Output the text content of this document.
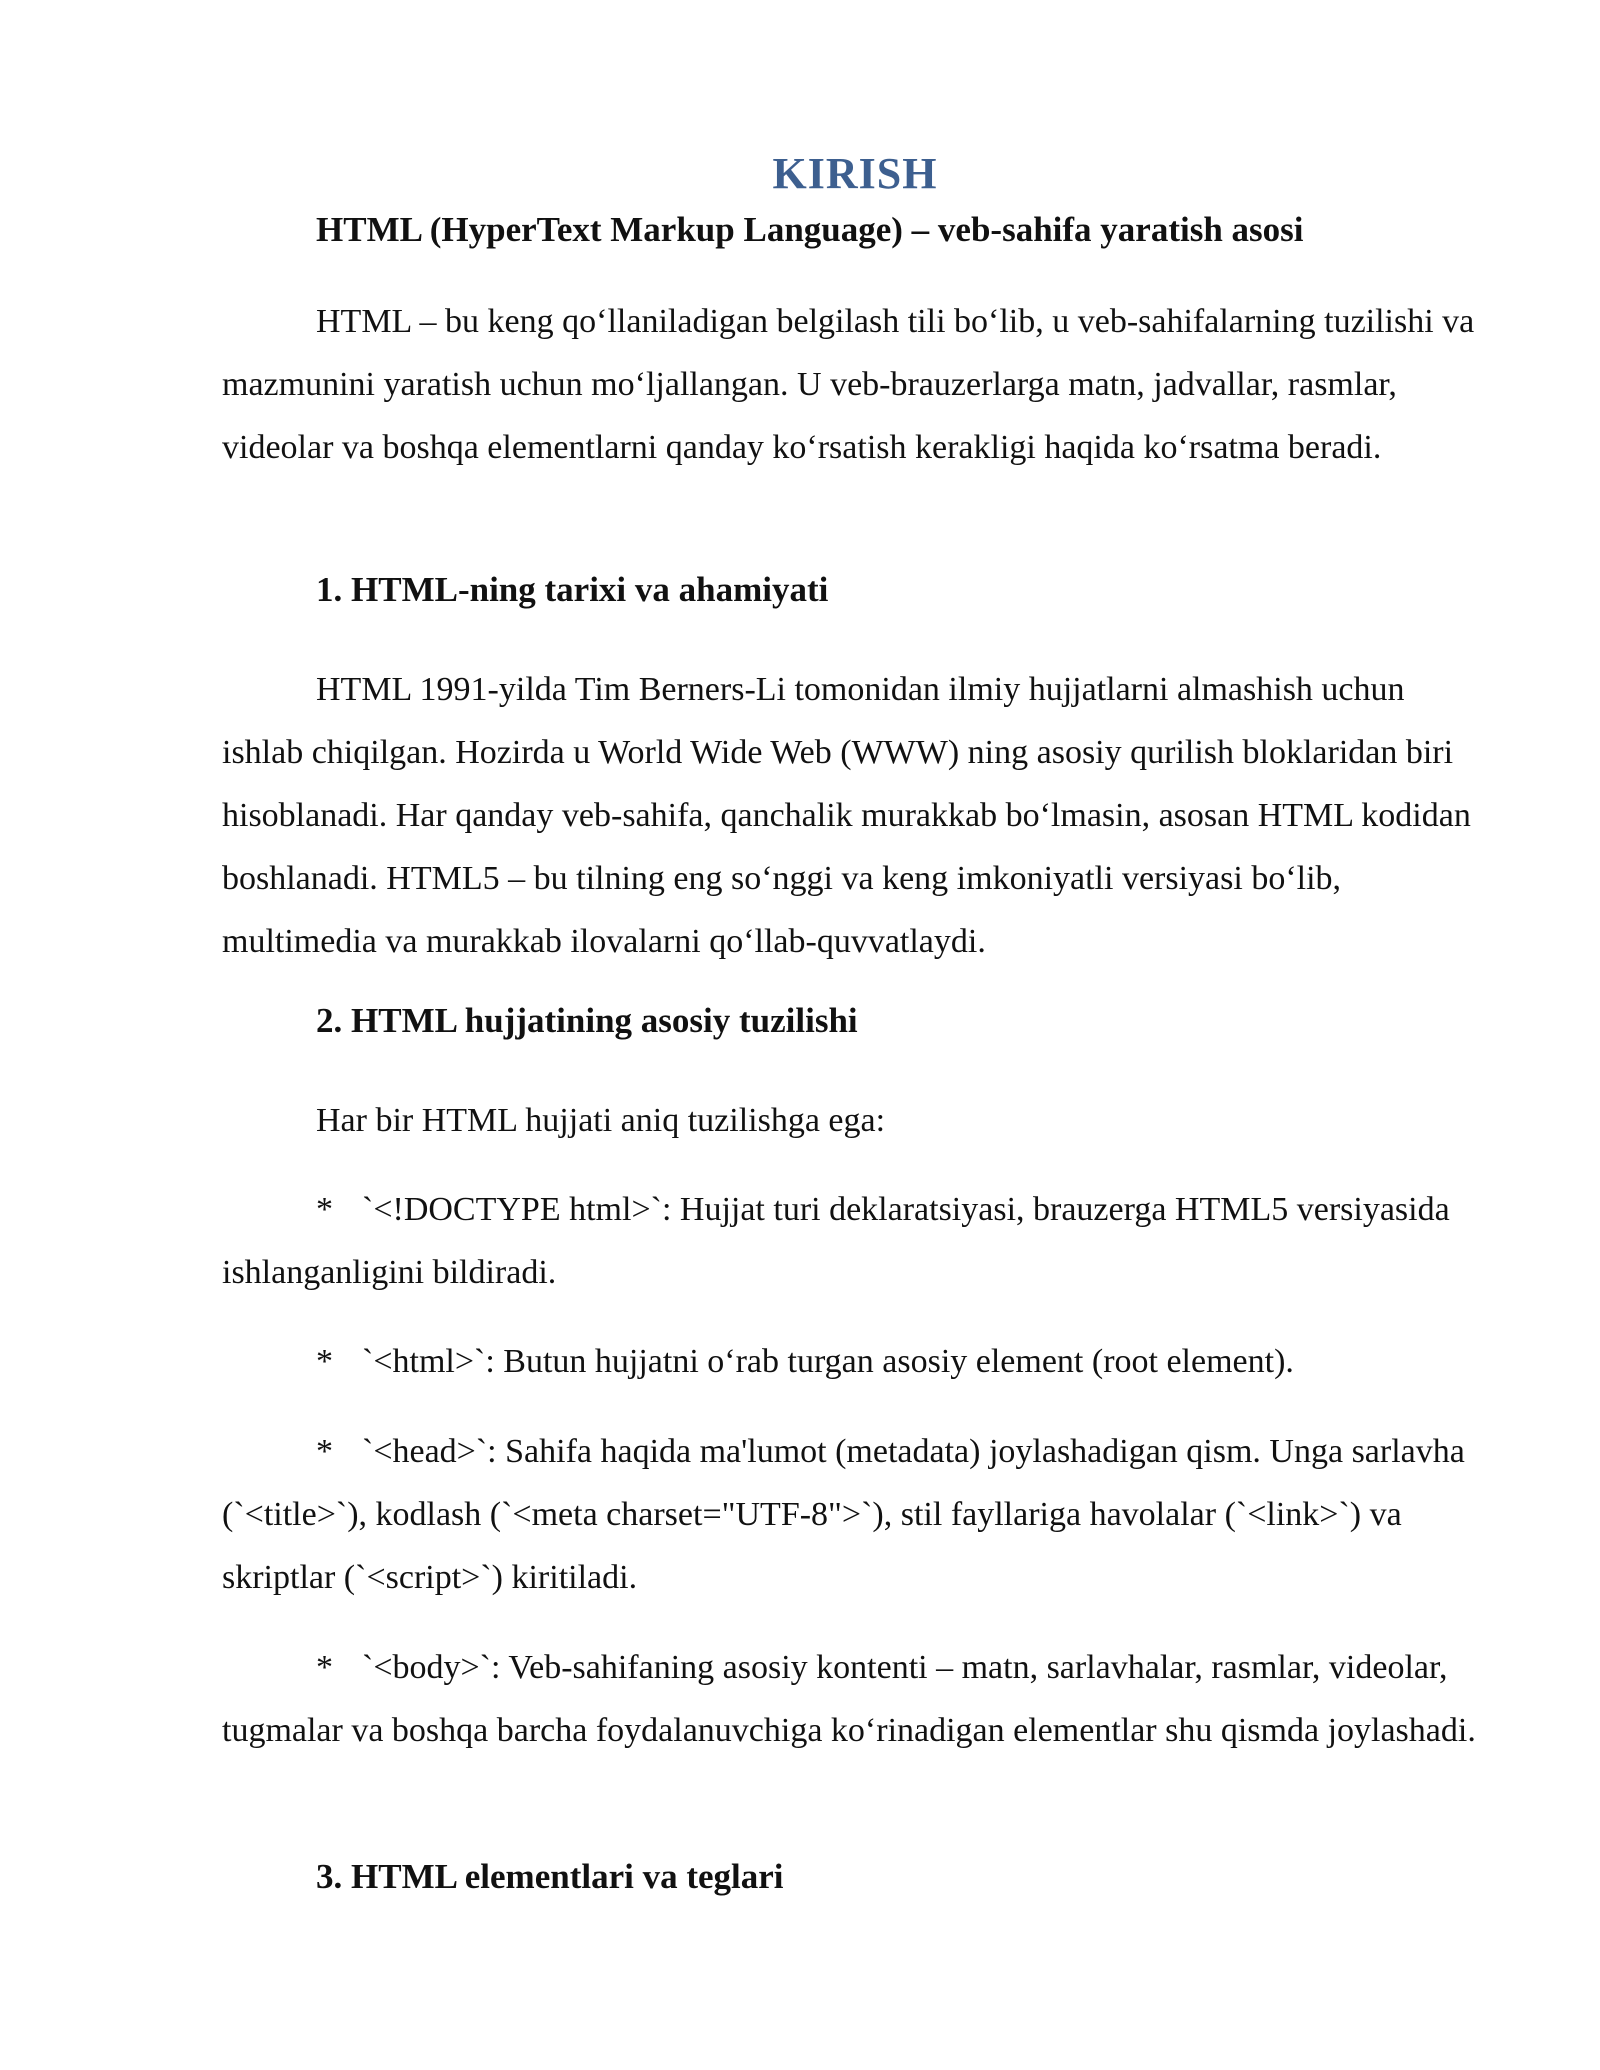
KIRISH
HTML (HyperText Markup Language) – veb-sahifa yaratish asosi

HTML – bu keng qo‘llaniladigan belgilash tili bo‘lib, u veb-sahifalarning tuzilishi va mazmunini yaratish uchun mo‘ljallangan. U veb-brauzerlarga matn, jadvallar, rasmlar, videolar va boshqa elementlarni qanday ko‘rsatish kerakligi haqida ko‘rsatma beradi.

1. HTML-ning tarixi va ahamiyati

HTML 1991-yilda Tim Berners-Li tomonidan ilmiy hujjatlarni almashish uchun ishlab chiqilgan. Hozirda u World Wide Web (WWW) ning asosiy qurilish bloklaridan biri hisoblanadi. Har qanday veb-sahifa, qanchalik murakkab bo‘lmasin, asosan HTML kodidan boshlanadi. HTML5 – bu tilning eng so‘nggi va keng imkoniyatli versiyasi bo‘lib, multimedia va murakkab ilovalarni qo‘llab-quvvatlaydi.

2. HTML hujjatining asosiy tuzilishi

Har bir HTML hujjati aniq tuzilishga ega:

* `<!DOCTYPE html>`: Hujjat turi deklaratsiyasi, brauzerga HTML5 versiyasida ishlanganligini bildiradi.

* `<html>`: Butun hujjatni o‘rab turgan asosiy element (root element).

* `<head>`: Sahifa haqida ma'lumot (metadata) joylashadigan qism. Unga sarlavha (`<title>`), kodlash (`<meta charset="UTF-8">`), stil fayllariga havolalar (`<link>`) va skriptlar (`<script>`) kiritiladi.

* `<body>`: Veb-sahifaning asosiy kontenti – matn, sarlavhalar, rasmlar, videolar, tugmalar va boshqa barcha foydalanuvchiga ko‘rinadigan elementlar shu qismda joylashadi.

3. HTML elementlari va teglari
